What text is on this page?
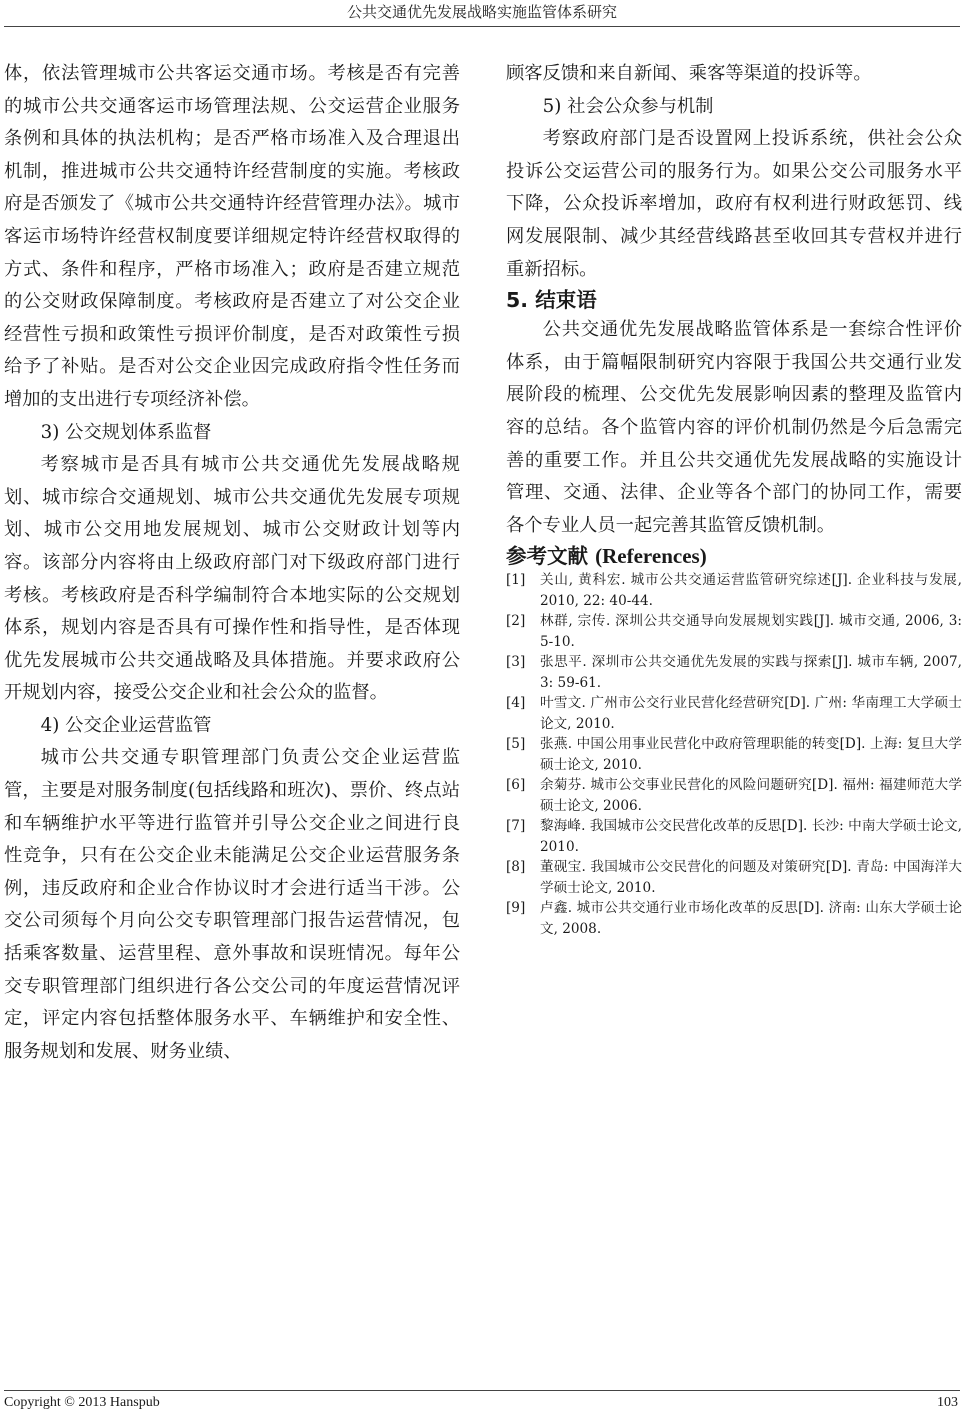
公共交通优先发展战略实施监管体系研究

体，依法管理城市公共客运交通市场。考核是否有完善的城市公共交通客运市场管理法规、公交运营企业服务条例和具体的执法机构；是否严格市场准入及合理退出机制，推进城市公共交通特许经营制度的实施。考核政府是否颁发了《城市公共交通特许经营管理办法》。城市客运市场特许经营权制度要详细规定特许经营权取得的方式、条件和程序，严格市场准入；政府是否建立规范的公交财政保障制度。考核政府是否建立了对公交企业经营性亏损和政策性亏损评价制度，是否对政策性亏损给予了补贴。是否对公交企业因完成政府指令性任务而增加的支出进行专项经济补偿。

3) 公交规划体系监督

考察城市是否具有城市公共交通优先发展战略规划、城市综合交通规划、城市公共交通优先发展专项规划、城市公交用地发展规划、城市公交财政计划等内容。该部分内容将由上级政府部门对下级政府部门进行考核。考核政府是否科学编制符合本地实际的公交规划体系，规划内容是否具有可操作性和指导性，是否体现优先发展城市公共交通战略及具体措施。并要求政府公开规划内容，接受公交企业和社会公众的监督。

4) 公交企业运营监管

城市公共交通专职管理部门负责公交企业运营监管，主要是对服务制度(包括线路和班次)、票价、终点站和车辆维护水平等进行监管并引导公交企业之间进行良性竞争，只有在公交企业未能满足公交企业运营服务条例，违反政府和企业合作协议时才会进行适当干涉。公交公司须每个月向公交专职管理部门报告运营情况，包括乘客数量、运营里程、意外事故和误班情况。每年公交专职管理部门组织进行各公交公司的年度运营情况评定，评定内容包括整体服务水平、车辆维护和安全性、服务规划和发展、财务业绩、

顾客反馈和来自新闻、乘客等渠道的投诉等。

5) 社会公众参与机制

考察政府部门是否设置网上投诉系统，供社会公众投诉公交运营公司的服务行为。如果公交公司服务水平下降，公众投诉率增加，政府有权利进行财政惩罚、线网发展限制、减少其经营线路甚至收回其专营权并进行重新招标。

5. 结束语

公共交通优先发展战略监管体系是一套综合性评价体系，由于篇幅限制研究内容限于我国公共交通行业发展阶段的梳理、公交优先发展影响因素的整理及监管内容的总结。各个监管内容的评价机制仍然是今后急需完善的重要工作。并且公共交通优先发展战略的实施设计管理、交通、法律、企业等各个部门的协同工作，需要各个专业人员一起完善其监管反馈机制。

参考文献 (References)
[1]	关山, 黄科宏. 城市公共交通运营监管研究综述[J]. 企业科技与发展, 2010, 22: 40-44.
[2]	林群, 宗传. 深圳公共交通导向发展规划实践[J]. 城市交通, 2006, 3: 5-10.
[3]	张思平. 深圳市公共交通优先发展的实践与探索[J]. 城市车辆, 2007, 3: 59-61.
[4]	叶雪文. 广州市公交行业民营化经营研究[D]. 广州: 华南理工大学硕士论文, 2010.
[5]	张燕. 中国公用事业民营化中政府管理职能的转变[D]. 上海: 复旦大学硕士论文, 2010.
[6]	余菊芬. 城市公交事业民营化的风险问题研究[D]. 福州: 福建师范大学硕士论文, 2006.
[7]	黎海峰. 我国城市公交民营化改革的反思[D]. 长沙: 中南大学硕士论文, 2010.
[8]	董砚宝. 我国城市公交民营化的问题及对策研究[D]. 青岛: 中国海洋大学硕士论文, 2010.
[9]	卢鑫. 城市公共交通行业市场化改革的反思[D]. 济南: 山东大学硕士论文, 2008.
Copyright © 2013 Hanspub	103
